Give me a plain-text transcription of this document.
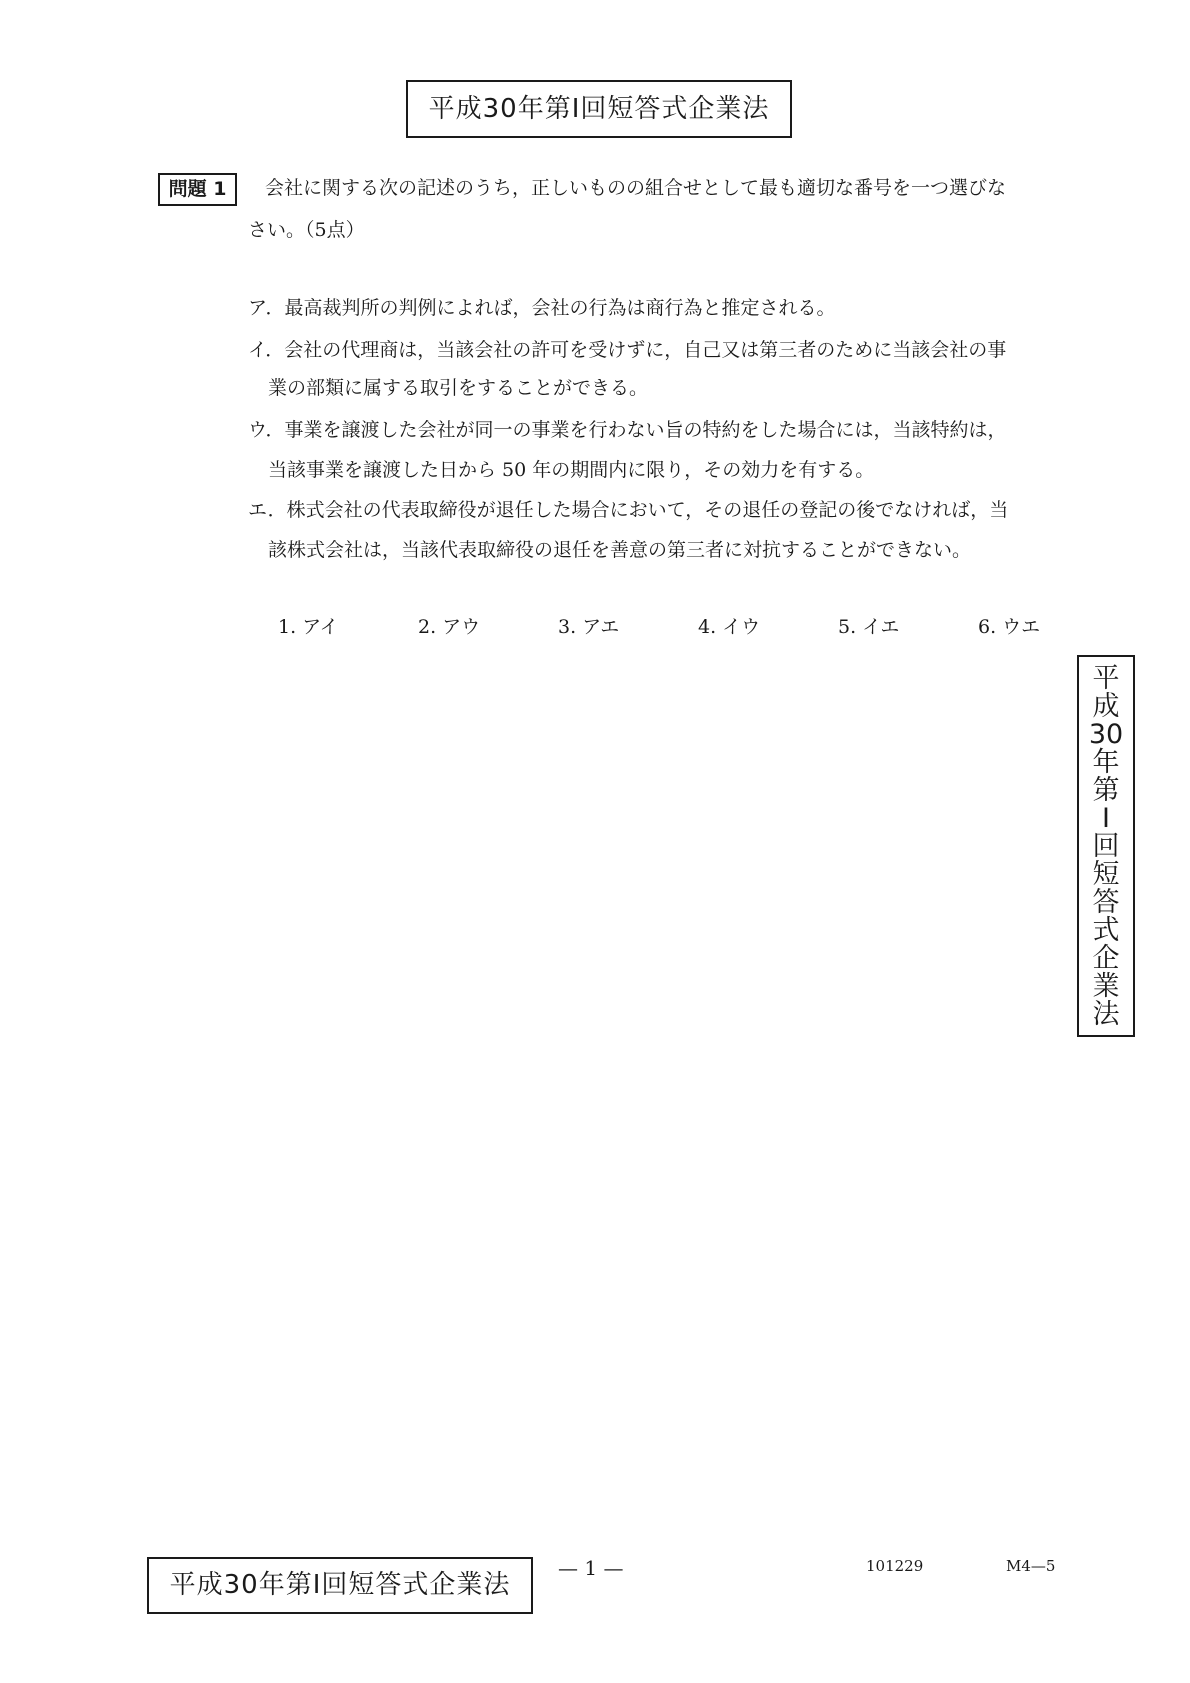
平成30年第Ⅰ回短答式企業法
問題 1	会社に関する次の記述のうち，正しいものの組合せとして最も適切な番号を一つ選びな
さい。（5点）
ア．最高裁判所の判例によれば，会社の行為は商行為と推定される。
イ．会社の代理商は，当該会社の許可を受けずに，自己又は第三者のために当該会社の事
業の部類に属する取引をすることができる。
ウ．事業を譲渡した会社が同一の事業を行わない旨の特約をした場合には，当該特約は，
当該事業を譲渡した日から 50 年の期間内に限り，その効力を有する。
エ．株式会社の代表取締役が退任した場合において，その退任の登記の後でなければ，当
該株式会社は，当該代表取締役の退任を善意の第三者に対抗することができない。
1. アイ	2. アウ	3. アエ	4. イウ	5. イエ	6. ウエ
平
成
30
年
第
Ⅰ
回
短
答
式
企
業
法
平成30年第Ⅰ回短答式企業法
— 1 —	101229	M4—5
